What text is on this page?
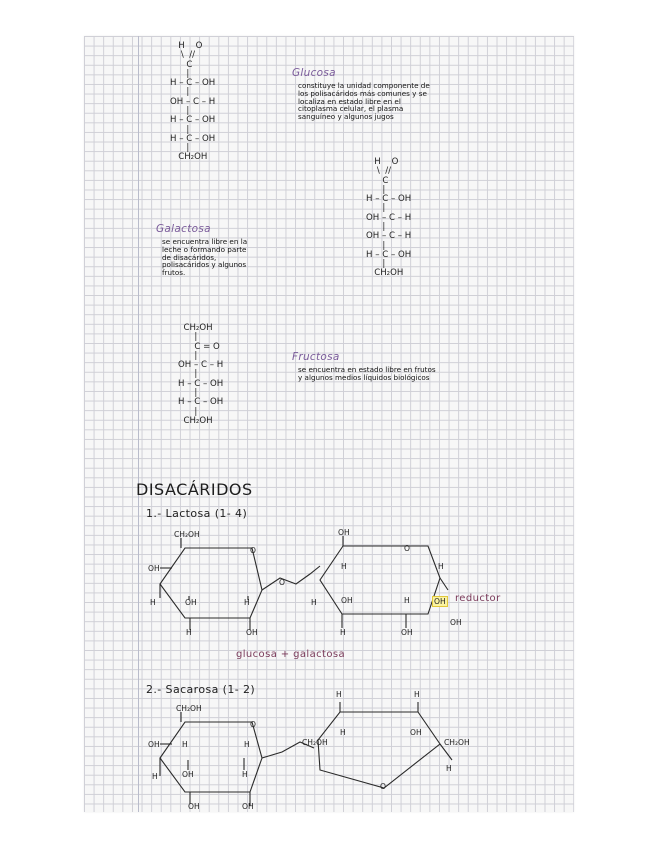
H    O
\  //
C
|
H – C – OH
|
OH – C – H
|
H – C – OH
|
H – C – OH
|
CH₂OH
Glucosa
constituye la unidad componente de
los polisacáridos más comunes y se
localiza en estado libre en el
citoplasma celular, el plasma
sanguíneo y algunos jugos
H    O
\  //
C
|
H – C – OH
|
OH – C – H
|
OH – C – H
|
H – C – OH
|
CH₂OH
Galactosa
se encuentra libre en la
leche o formando parte
de disacáridos,
polisacáridos y algunos
frutos.
CH₂OH
|
C = O
|
OH – C – H
|
H – C – OH
|
H – C – OH
|
CH₂OH
Fructosa
se encuentra en estado libre en frutos
y algunos medios líquidos biológicos
DISACÁRIDOS
1.- Lactosa (1- 4)
2.- Sacarosa (1- 2)
CH₂OH
O
OH
H	OH	H
H	OH
O
OH
O
H	H
H	OH	H
H	OH
OH
OH reductor
glucosa + galactosa
CH₂OH
O
OH	H	H
H	OH	H
OH	OH
H
CH₂OH
H	OH
CH₂OH
H
O
H
